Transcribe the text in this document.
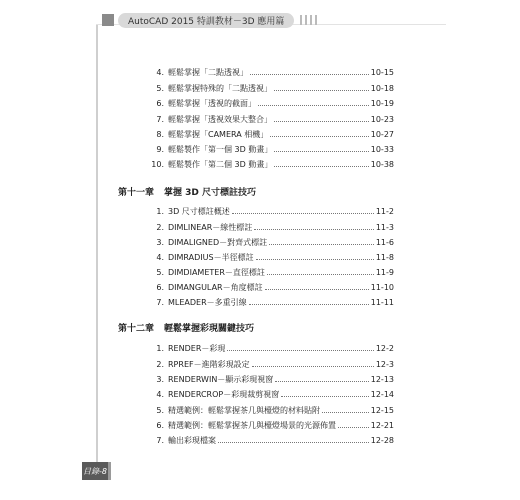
AutoCAD 2015 特訓教材－3D 應用篇
4. 輕鬆掌握「二點透視」	10-15
5. 輕鬆掌握特殊的「二點透視」	10-18
6. 輕鬆掌握「透視的截面」	10-19
7. 輕鬆掌握「透視效果大整合」	10-23
8. 輕鬆掌握「CAMERA 相機」	10-27
9. 輕鬆製作「第一個 3D 動畫」	10-33
10. 輕鬆製作「第二個 3D 動畫」	10-38
第十一章 掌握 3D 尺寸標註技巧
1. 3D 尺寸標註概述	11-2
2. DIMLINEAR－線性標註	11-3
3. DIMALIGNED－對齊式標註	11-6
4. DIMRADIUS－半徑標註	11-8
5. DIMDIAMETER－直徑標註	11-9
6. DIMANGULAR－角度標註	11-10
7. MLEADER－多重引線	11-11
第十二章 輕鬆掌握彩現關鍵技巧
1. RENDER－彩現	12-2
2. RPREF－進階彩現設定	12-3
3. RENDERWIN－顯示彩現視窗	12-13
4. RENDERCROP－彩現裁剪視窗	12-14
5. 精選範例：輕鬆掌握茶几與檯燈的材料貼附	12-15
6. 精選範例：輕鬆掌握茶几與檯燈場景的光源佈置	12-21
7. 輸出彩現檔案	12-28
目錄-8
